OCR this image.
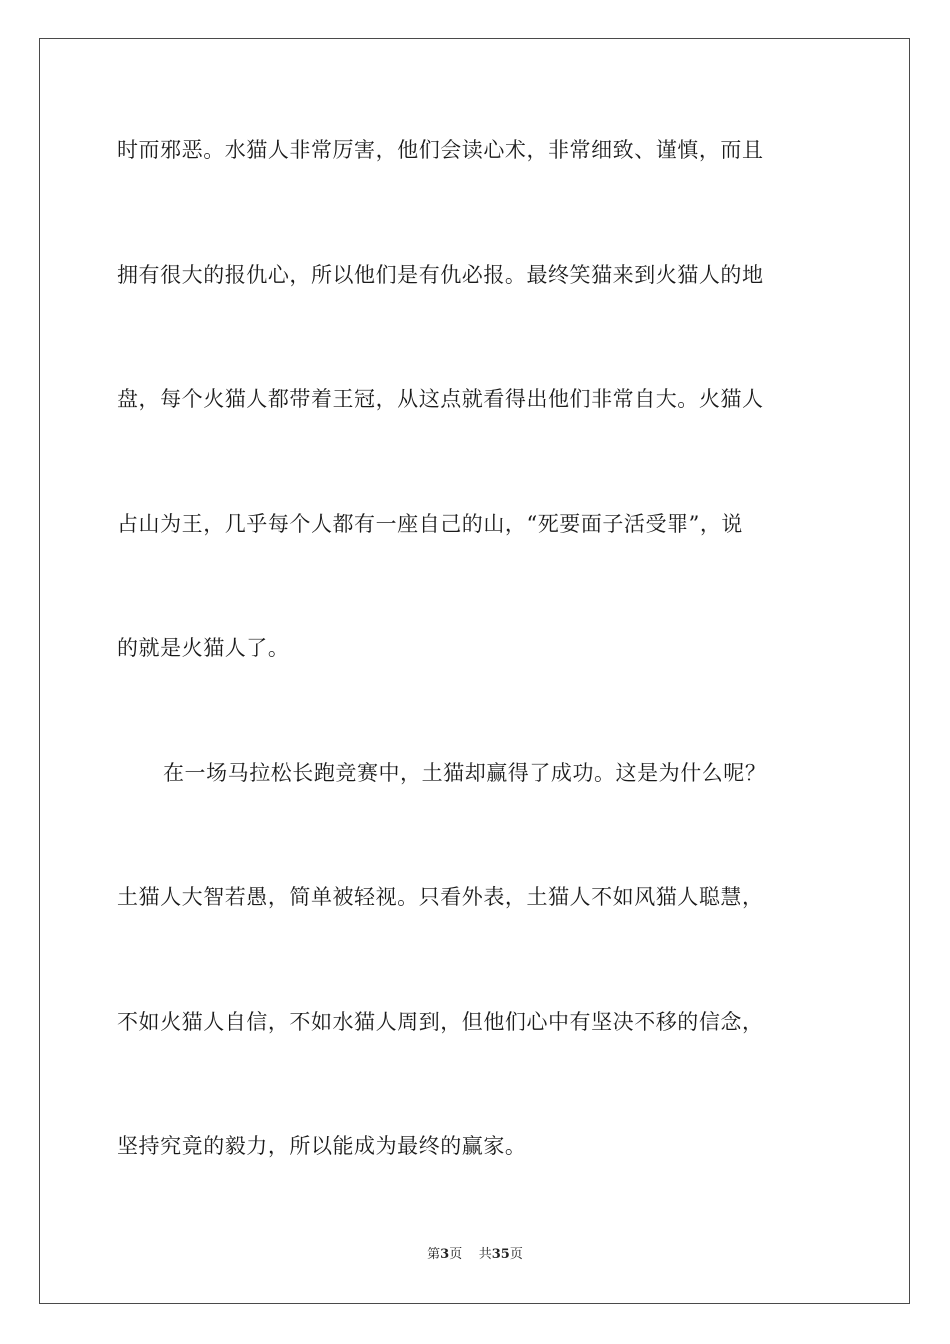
时而邪恶。水猫人非常厉害，他们会读心术，非常细致、谨慎，而且
拥有很大的报仇心，所以他们是有仇必报。最终笑猫来到火猫人的地
盘，每个火猫人都带着王冠，从这点就看得出他们非常自大。火猫人
占山为王，几乎每个人都有一座自己的山，“死要面子活受罪”，说
的就是火猫人了。
在一场马拉松长跑竞赛中，土猫却赢得了成功。这是为什么呢？
土猫人大智若愚，简单被轻视。只看外表，土猫人不如风猫人聪慧，
不如火猫人自信，不如水猫人周到，但他们心中有坚决不移的信念，
坚持究竟的毅力，所以能成为最终的赢家。
第3页 共35页
